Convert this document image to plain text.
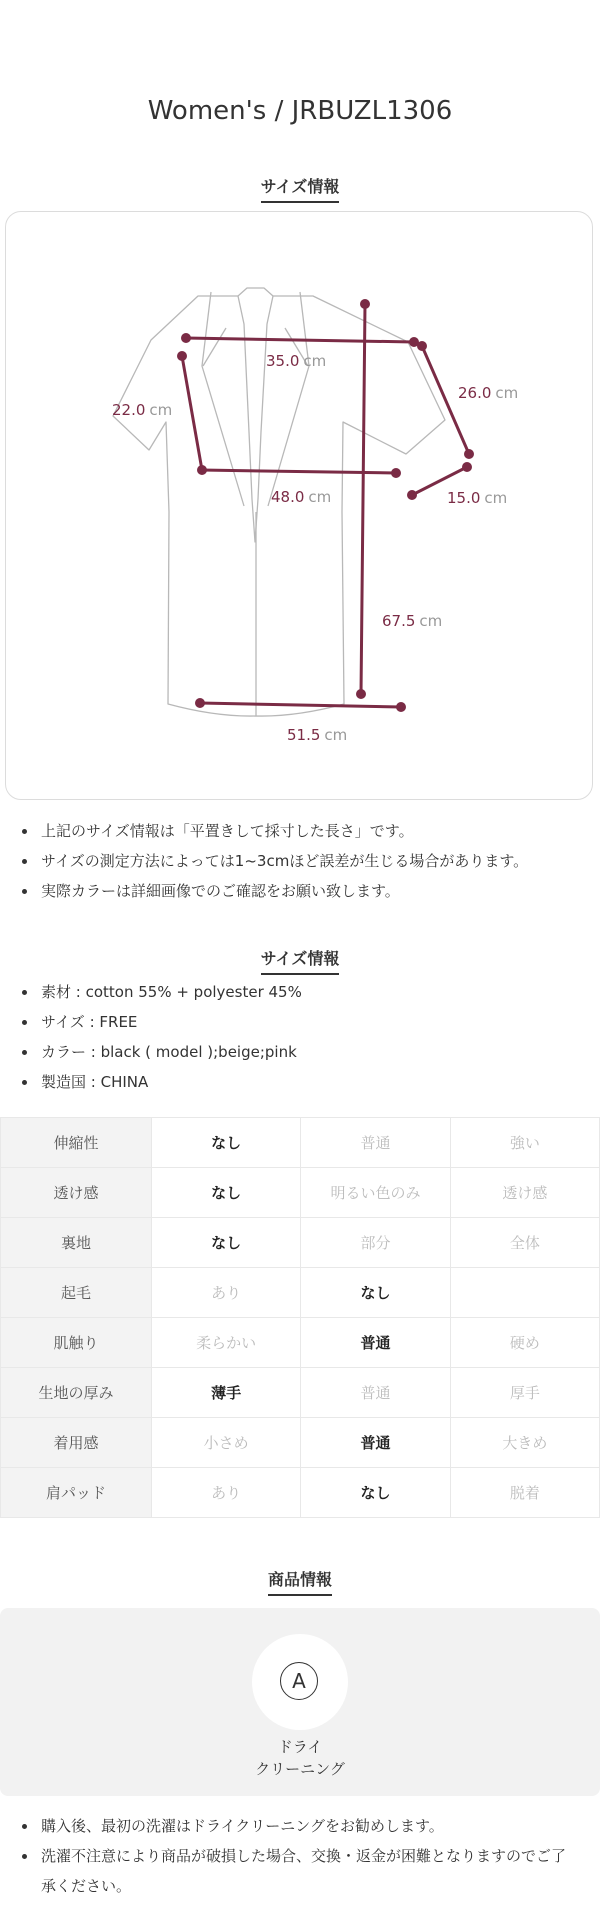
Women's / JRBUZL1306
サイズ情報
35.0 cm
26.0 cm
22.0 cm
48.0 cm	15.0 cm
67.5 cm
51.5 cm
上記のサイズ情報は「平置きして採寸した長さ」です。
サイズの測定方法によっては1~3cmほど誤差が生じる場合があります。
実際カラーは詳細画像でのご確認をお願い致します。
サイズ情報
素材 : cotton 55% + polyester 45%
サイズ : FREE
カラー : black ( model );beige;pink
製造国 : CHINA
伸縮性	なし	普通	強い
透け感	なし	明るい色のみ	透け感
裏地	なし	部分	全体
起毛	あり	なし	
肌触り	柔らかい	普通	硬め
生地の厚み	薄手	普通	厚手
着用感	小さめ	普通	大きめ
肩パッド	あり	なし	脱着
商品情報
A
ドライ
クリーニング
購入後、最初の洗濯はドライクリーニングをお勧めします。
洗濯不注意により商品が破損した場合、交換・返金が困難となりますのでご了承ください。
